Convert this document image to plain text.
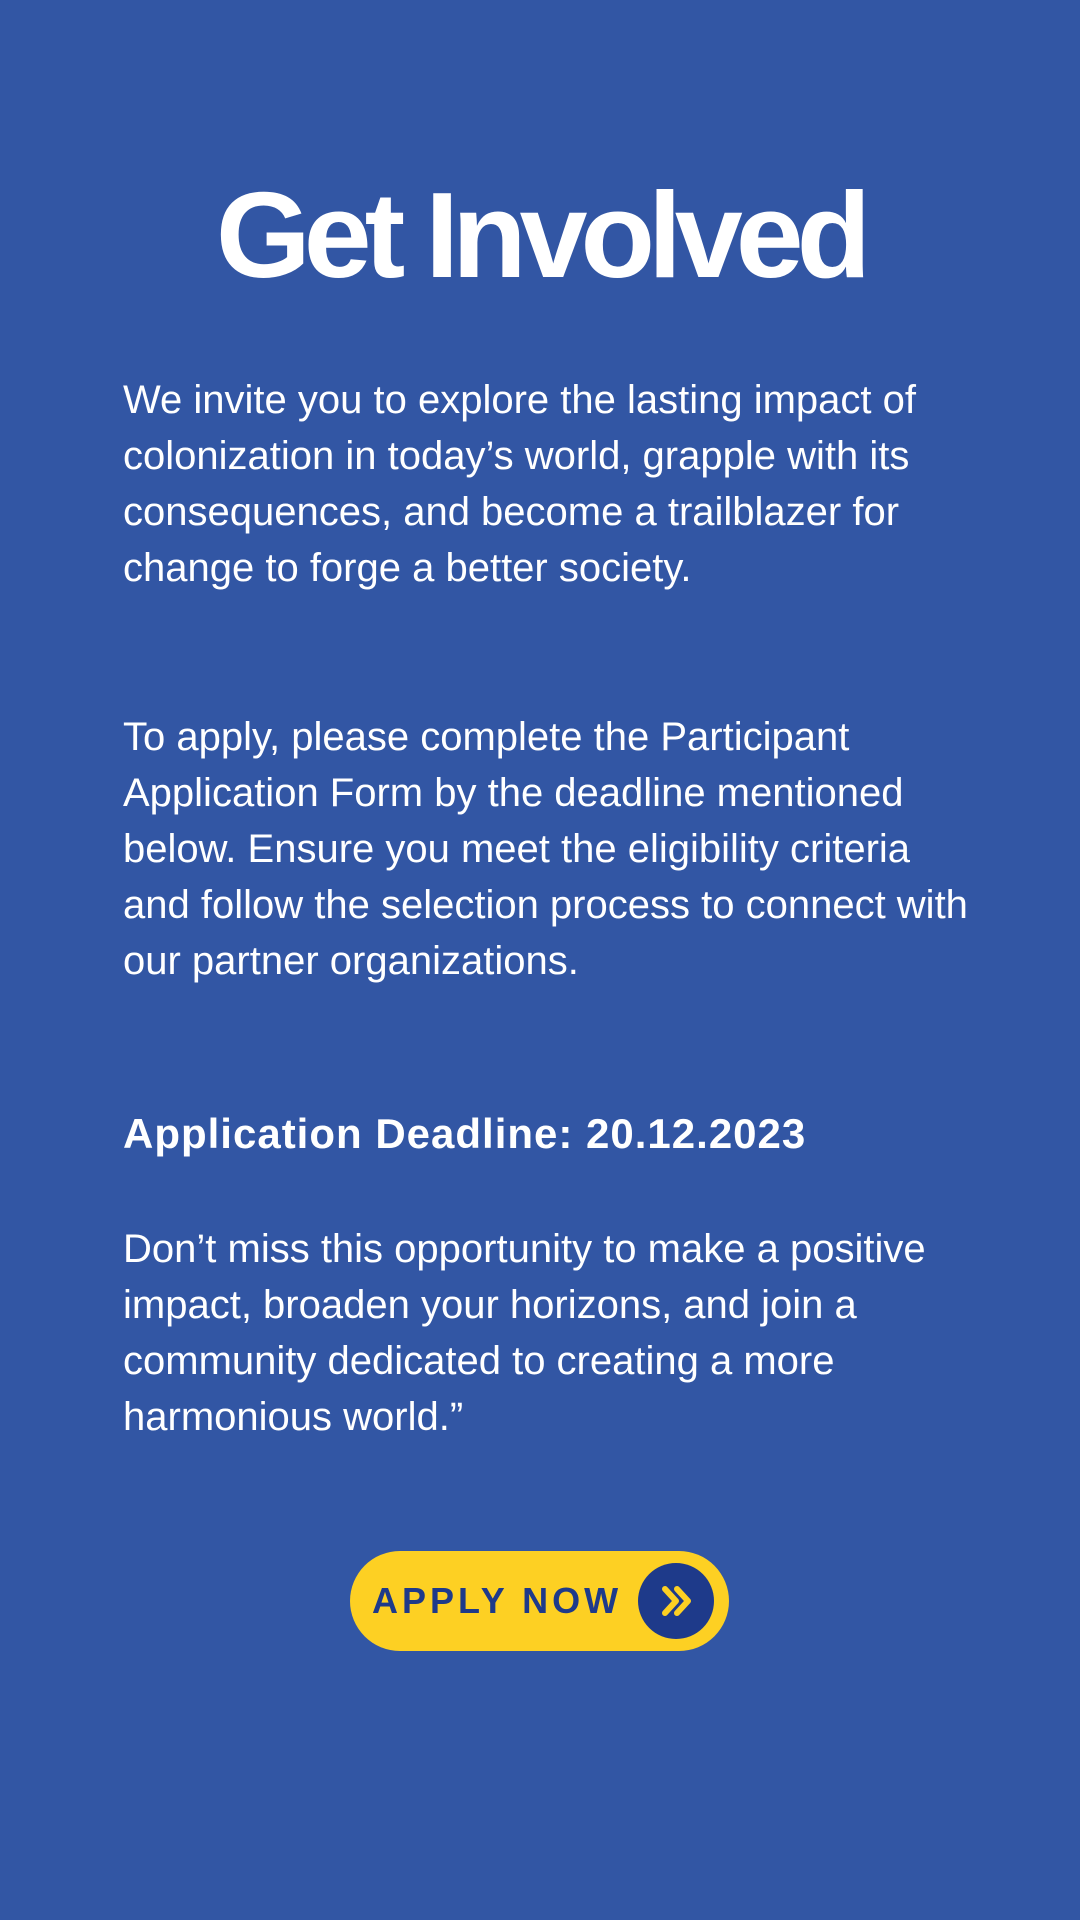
Get Involved

We invite you to explore the lasting impact of colonization in today’s world, grapple with its consequences, and become a trailblazer for change to forge a better society.

To apply, please complete the Participant Application Form by the deadline mentioned below. Ensure you meet the eligibility criteria and follow the selection process to connect with our partner organizations.

Application Deadline: 20.12.2023

Don’t miss this opportunity to make a positive impact, broaden your horizons, and join a community dedicated to creating a more harmonious world.”

APPLY NOW
